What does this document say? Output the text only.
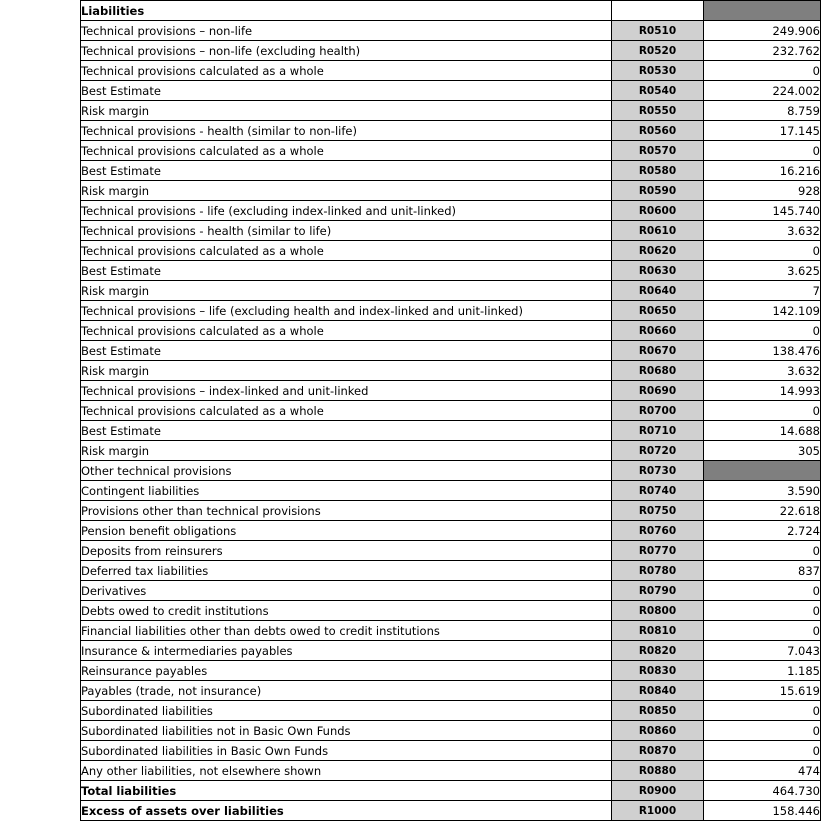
Liabilities		
Technical provisions – non-life	R0510	249.906
Technical provisions – non-life (excluding health)	R0520	232.762
Technical provisions calculated as a whole	R0530	0
Best Estimate	R0540	224.002
Risk margin	R0550	8.759
Technical provisions - health (similar to non-life)	R0560	17.145
Technical provisions calculated as a whole	R0570	0
Best Estimate	R0580	16.216
Risk margin	R0590	928
Technical provisions - life (excluding index-linked and unit-linked)	R0600	145.740
Technical provisions - health (similar to life)	R0610	3.632
Technical provisions calculated as a whole	R0620	0
Best Estimate	R0630	3.625
Risk margin	R0640	7
Technical provisions – life (excluding health and index-linked and unit-linked)	R0650	142.109
Technical provisions calculated as a whole	R0660	0
Best Estimate	R0670	138.476
Risk margin	R0680	3.632
Technical provisions – index-linked and unit-linked	R0690	14.993
Technical provisions calculated as a whole	R0700	0
Best Estimate	R0710	14.688
Risk margin	R0720	305
Other technical provisions	R0730	
Contingent liabilities	R0740	3.590
Provisions other than technical provisions	R0750	22.618
Pension benefit obligations	R0760	2.724
Deposits from reinsurers	R0770	0
Deferred tax liabilities	R0780	837
Derivatives	R0790	0
Debts owed to credit institutions	R0800	0
Financial liabilities other than debts owed to credit institutions	R0810	0
Insurance & intermediaries payables	R0820	7.043
Reinsurance payables	R0830	1.185
Payables (trade, not insurance)	R0840	15.619
Subordinated liabilities	R0850	0
Subordinated liabilities not in Basic Own Funds	R0860	0
Subordinated liabilities in Basic Own Funds	R0870	0
Any other liabilities, not elsewhere shown	R0880	474
Total liabilities	R0900	464.730
Excess of assets over liabilities	R1000	158.446
